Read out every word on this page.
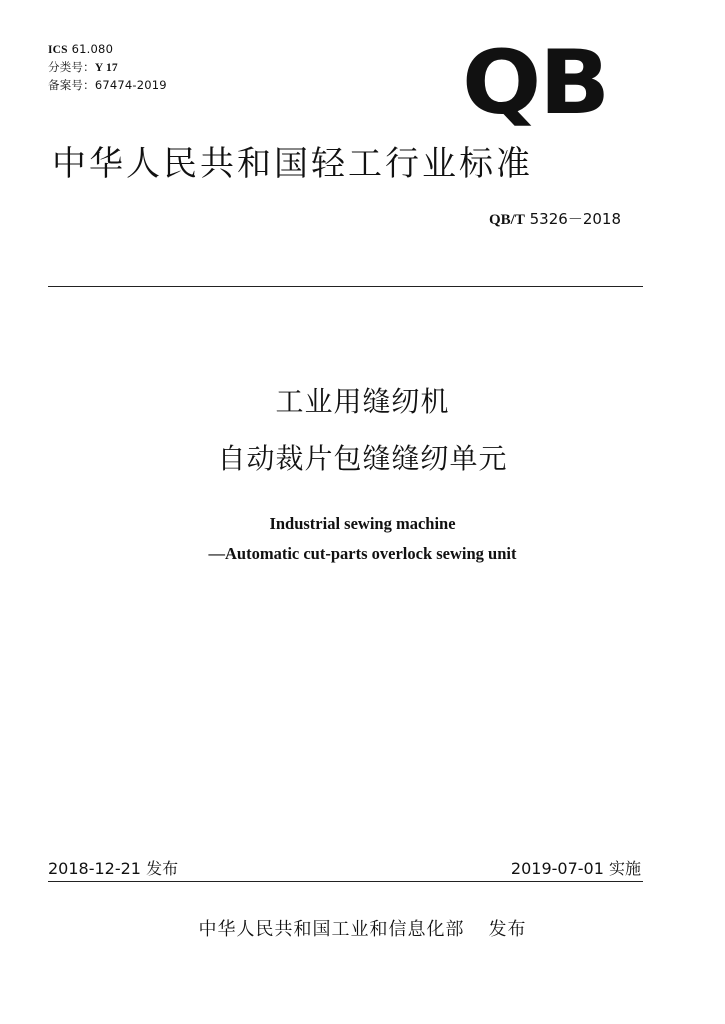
ICS 61.080
分类号：Y 17
备案号：67474-2019	QB
中华人民共和国轻工行业标准
QB/T 5326－2018
工业用缝纫机
自动裁片包缝缝纫单元
Industrial sewing machine
—Automatic cut-parts overlock sewing unit
2018-12-21 发布	2019-07-01 实施
中华人民共和国工业和信息化部 发布
